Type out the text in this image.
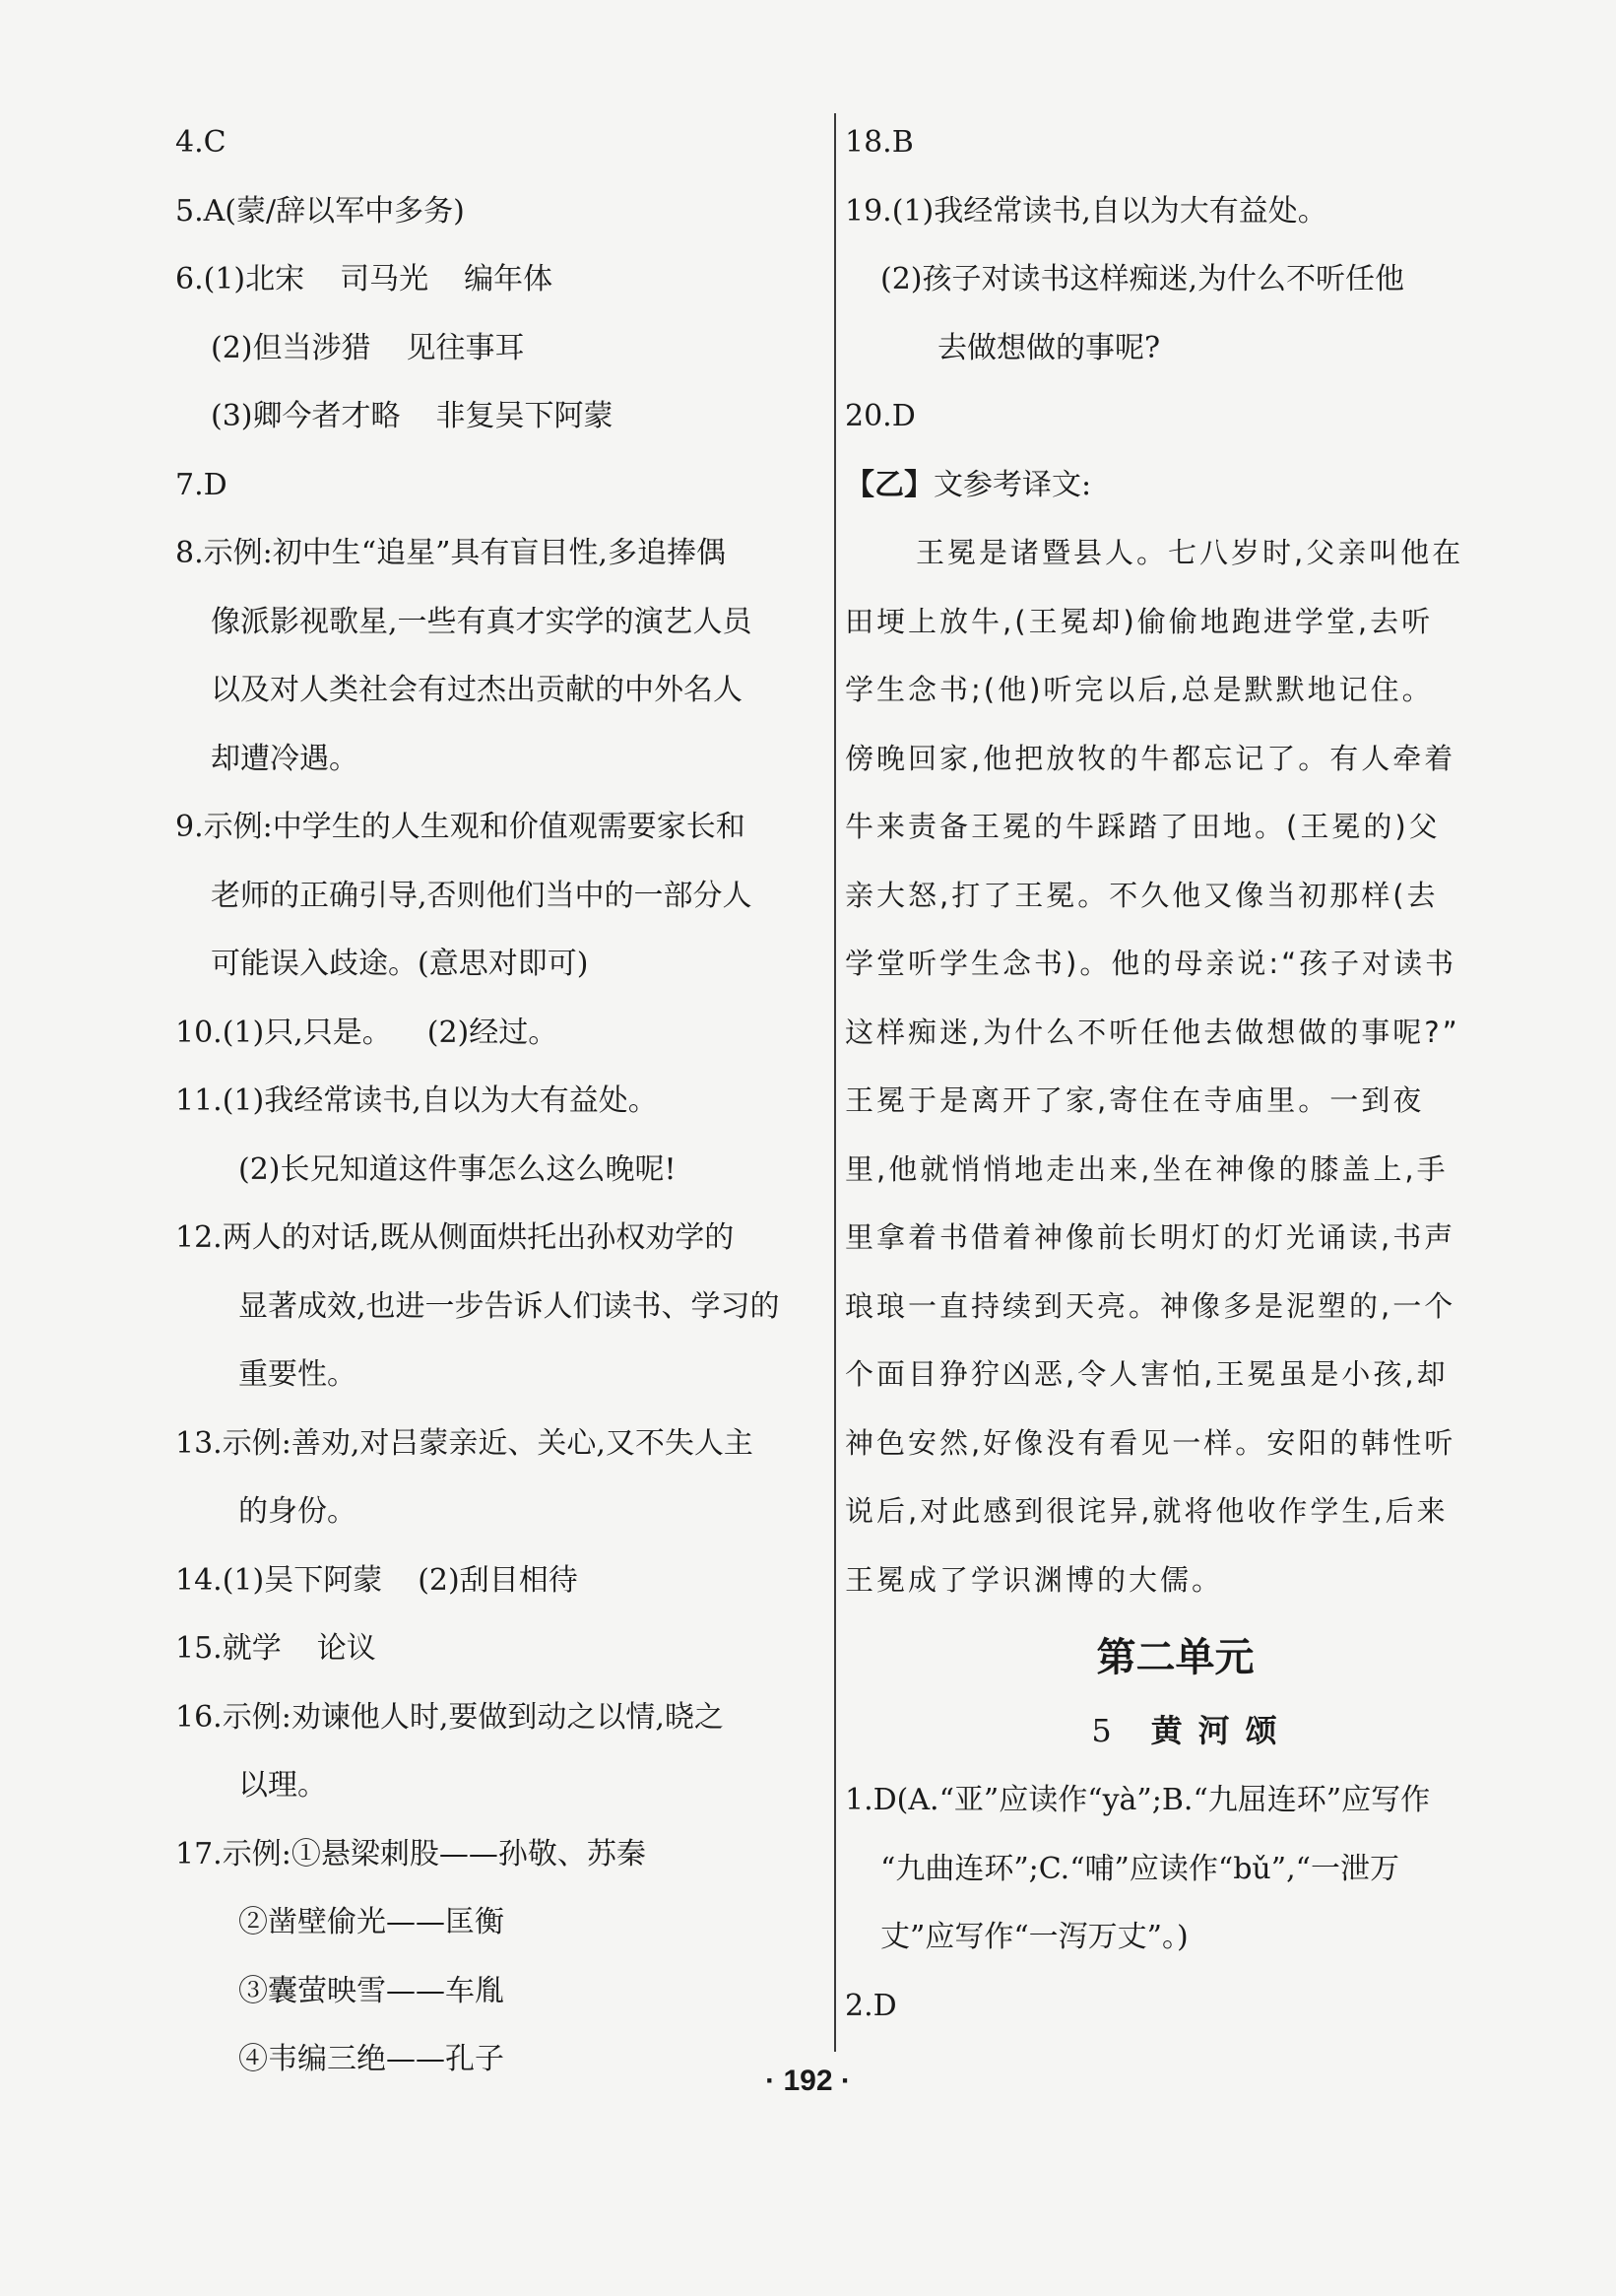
4.C
5.A(蒙/辞以军中多务)
6.(1)北宋 司马光 编年体
(2)但当涉猎 见往事耳
(3)卿今者才略 非复吴下阿蒙
7.D
8.示例:初中生“追星”具有盲目性,多追捧偶
像派影视歌星,一些有真才实学的演艺人员
以及对人类社会有过杰出贡献的中外名人
却遭冷遇。
9.示例:中学生的人生观和价值观需要家长和
老师的正确引导,否则他们当中的一部分人
可能误入歧途。(意思对即可)
10.(1)只,只是。 (2)经过。
11.(1)我经常读书,自以为大有益处。
(2)长兄知道这件事怎么这么晚呢!
12.两人的对话,既从侧面烘托出孙权劝学的
显著成效,也进一步告诉人们读书、学习的
重要性。
13.示例:善劝,对吕蒙亲近、关心,又不失人主
的身份。
14.(1)吴下阿蒙 (2)刮目相待
15.就学 论议
16.示例:劝谏他人时,要做到动之以情,晓之
以理。
17.示例:①悬梁刺股——孙敬、苏秦
②凿壁偷光——匡衡
③囊萤映雪——车胤
④韦编三绝——孔子
18.B
19.(1)我经常读书,自以为大有益处。
(2)孩子对读书这样痴迷,为什么不听任他
去做想做的事呢?
20.D
【乙】文参考译文:
王冕是诸暨县人。七八岁时,父亲叫他在
田埂上放牛,(王冕却)偷偷地跑进学堂,去听
学生念书;(他)听完以后,总是默默地记住。
傍晚回家,他把放牧的牛都忘记了。有人牵着
牛来责备王冕的牛踩踏了田地。(王冕的)父
亲大怒,打了王冕。不久他又像当初那样(去
学堂听学生念书)。他的母亲说:“孩子对读书
这样痴迷,为什么不听任他去做想做的事呢?”
王冕于是离开了家,寄住在寺庙里。一到夜
里,他就悄悄地走出来,坐在神像的膝盖上,手
里拿着书借着神像前长明灯的灯光诵读,书声
琅琅一直持续到天亮。神像多是泥塑的,一个
个面目狰狞凶恶,令人害怕,王冕虽是小孩,却
神色安然,好像没有看见一样。安阳的韩性听
说后,对此感到很诧异,就将他收作学生,后来
王冕成了学识渊博的大儒。
第二单元
5 黄河颂
1.D(A.“亚”应读作“yà”;B.“九屈连环”应写作
“九曲连环”;C.“哺”应读作“bǔ”,“一泄万
丈”应写作“一泻万丈”。)
2.D
· 192 ·
